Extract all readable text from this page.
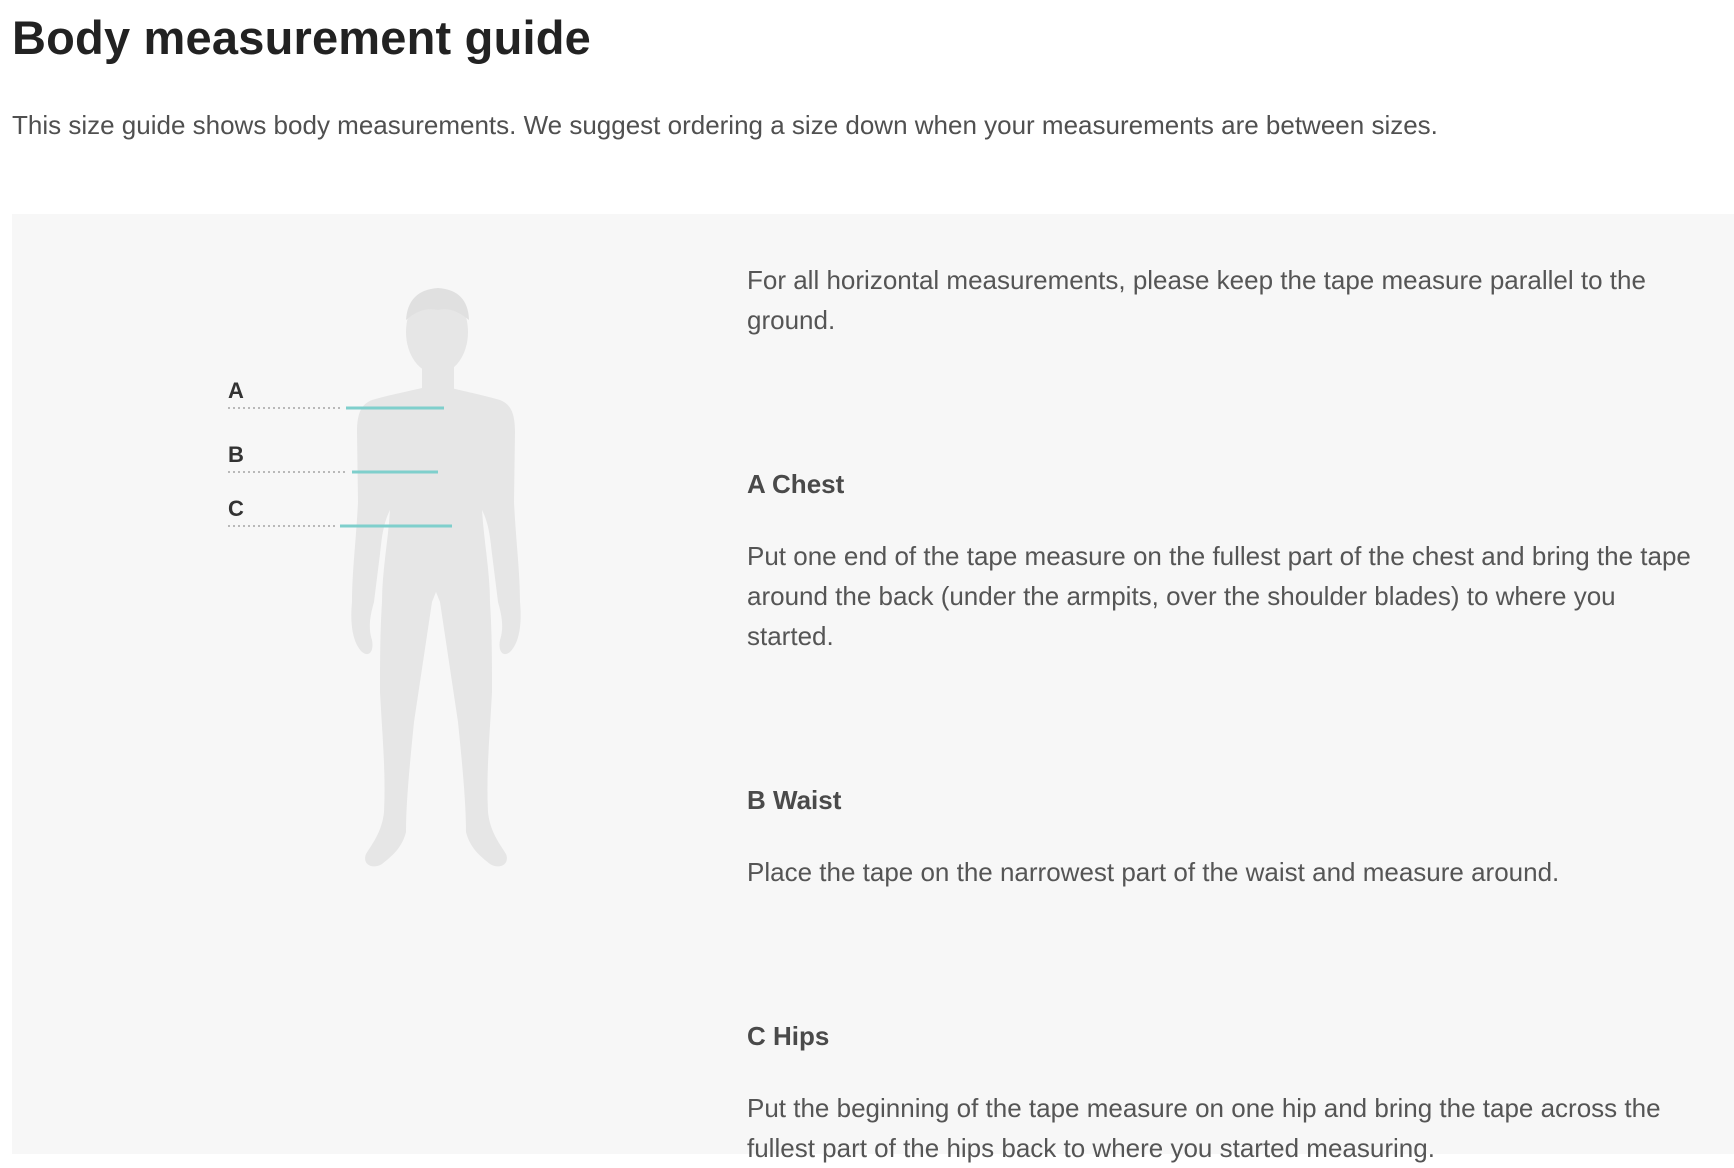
Body measurement guide

This size guide shows body measurements. We suggest ordering a size down when your measurements are between sizes.

A
B
C

For all horizontal measurements, please keep the tape measure parallel to the ground.

A Chest

Put one end of the tape measure on the fullest part of the chest and bring the tape around the back (under the armpits, over the shoulder blades) to where you started.

B Waist

Place the tape on the narrowest part of the waist and measure around.

C Hips

Put the beginning of the tape measure on one hip and bring the tape across the fullest part of the hips back to where you started measuring.
